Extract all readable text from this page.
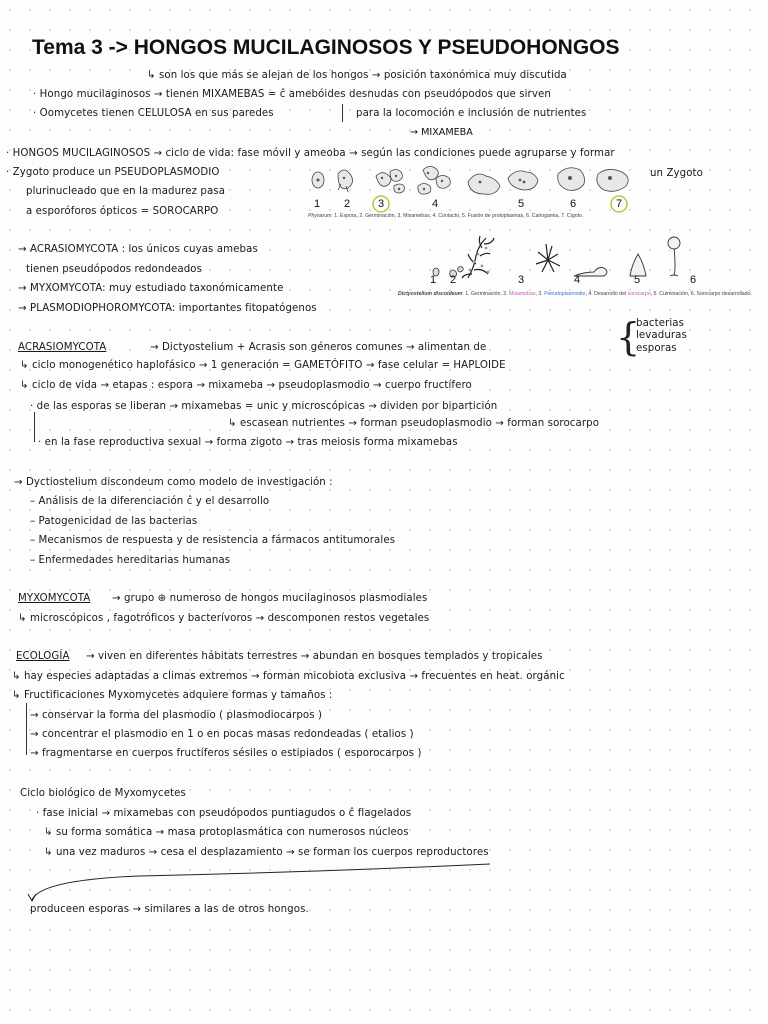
Tema 3 -> HONGOS MUCILAGINOSOS Y PSEUDOHONGOS
↳ son los que más se alejan de los hongos → posición taxonómica muy discutida
· Hongo mucilaginosos → tienen MIXAMEBAS = ĉ amebóides desnudas con pseudópodos que sirven
· Oomycetes tienen CELULOSA en sus paredes	para la locomoción e inclusión de nutrientes
→ MIXAMEBA
· HONGOS MUCILAGINOSOS → ciclo de vida: fase móvil y ameoba → según las condiciones puede agruparse y formar
· Zygoto produce un PSEUDOPLASMODIO	un Zygoto
plurinucleado que en la madurez pasa
a esporóforos ópticos = SOROCARPO
1 2	3	4	5	6	7
Physarum: 1. Espora, 2. Germinación, 3. Mixamebas, 4. Contacto, 5. Fusión de protoplasmas, 6. Cariogamia, 7. Cigoto.
→ ACRASIOMYCOTA : los únicos cuyas amebas
tienen pseudópodos redondeados
→ MYXOMYCOTA: muy estudiado taxonómicamente
→ PLASMODIOPHOROMYCOTA: importantes fitopatógenos
1 2	3	4	5	6
Dictyostelium discoideum: 1. Germinación, 2. Mixamebas, 3. Pseudoplasmodio, 4. Desarrollo del sorocarpo, 5. Culminación, 6. Sorocarpo desarrollado.
ACRASIOMYCOTA	→ Dictyostelium + Acrasis son géneros comunes → alimentan de	{
bacterias
levaduras
esporas
↳ ciclo monogenético haplofásico → 1 generación = GAMETÓFITO → fase celular = HAPLOIDE
↳ ciclo de vida → etapas : espora → mixameba → pseudoplasmodio → cuerpo fructífero
· de las esporas se liberan → mixamebas = unic y microscópicas → dividen por bipartición
↳ escasean nutrientes → forman pseudoplasmodio → forman sorocarpo
· en la fase reproductiva sexual → forma zigoto → tras meiosis forma mixamebas
→ Dyctiostelium discondeum como modelo de investigación :
– Análisis de la diferenciación ĉ y el desarrollo
– Patogenicidad de las bacterias
– Mecanismos de respuesta y de resistencia a fármacos antitumorales
– Enfermedades hereditarias humanas
MYXOMYCOTA → grupo ⊕ numeroso de hongos mucilaginosos plasmodiales
↳ microscópicos , fagotróficos y bacterívoros → descomponen restos vegetales
ECOLOGÍA → viven en diferentes hábitats terrestres → abundan en bosques templados y tropicales
↳ hay especies adaptadas a climas extremos → forman micobiota exclusiva → frecuentes en heat. orgánic
↳ Fructificaciones Myxomycetes adquiere formas y tamaños :
→ conservar la forma del plasmodio ( plasmodiocarpos )
→ concentrar el plasmodio en 1 o en pocas masas redondeadas ( etalios )
→ fragmentarse en cuerpos fructíferos sésiles o estipiados ( esporocarpos )
Ciclo biológico de Myxomycetes
· fase inicial → mixamebas con pseudópodos puntiagudos o ĉ flagelados
↳ su forma somática → masa protoplasmática con numerosos núcleos
↳ una vez maduros → cesa el desplazamiento → se forman los cuerpos reproductores
produceen esporas → similares a las de otros hongos.
